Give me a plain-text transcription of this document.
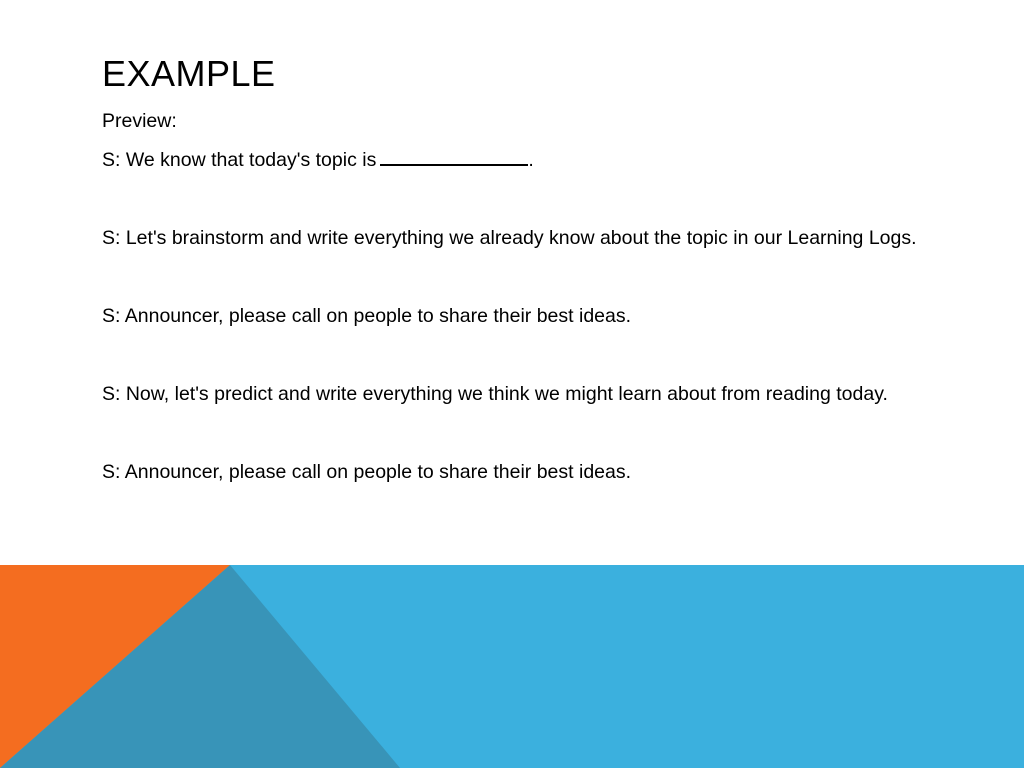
EXAMPLE

Preview:

S: We know that today's topic is	.

S: Let's brainstorm and write everything we already know about the topic in our Learning Logs.

S: Announcer, please call on people to share their best ideas.

S: Now, let's predict and write everything we think we might learn about from reading today.

S: Announcer, please call on people to share their best ideas.
